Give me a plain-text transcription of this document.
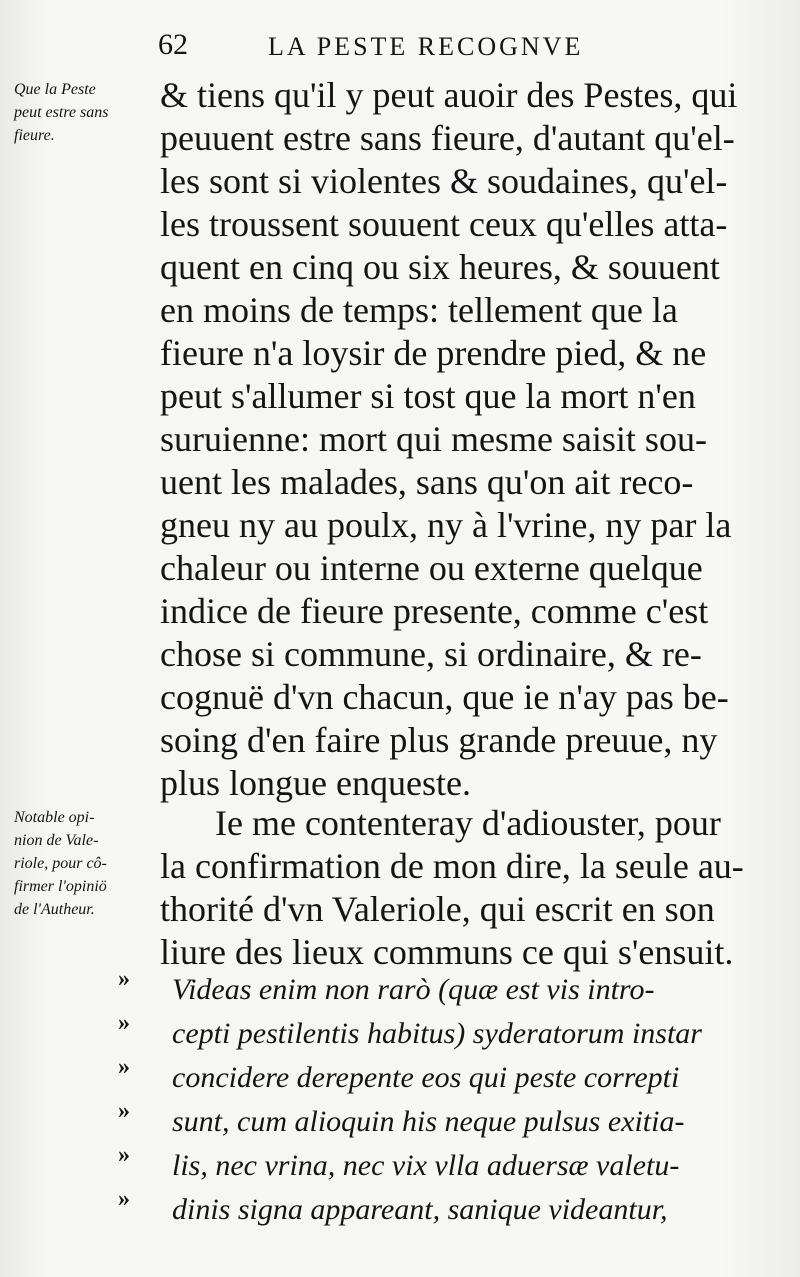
62	LA PESTE RECOGNVE
Que la Peste
peut estre sans
fieure.
Notable opi-
nion de Vale-
riole, pour cô-
firmer l'opiniö
de l'Autheur.
& tiens qu'il y peut auoir des Pestes, qui
peuuent estre sans fieure, d'autant qu'el-
les sont si violentes & soudaines, qu'el-
les troussent souuent ceux qu'elles atta-
quent en cinq ou six heures, & souuent
en moins de temps: tellement que la
fieure n'a loysir de prendre pied, & ne
peut s'allumer si tost que la mort n'en
suruienne: mort qui mesme saisit sou-
uent les malades, sans qu'on ait reco-
gneu ny au poulx, ny à l'vrine, ny par la
chaleur ou interne ou externe quelque
indice de fieure presente, comme c'est
chose si commune, si ordinaire, & re-
cognuë d'vn chacun, que ie n'ay pas be-
soing d'en faire plus grande preuue, ny
plus longue enqueste.
Ie me contenteray d'adiouster, pour
la confirmation de mon dire, la seule au-
thorité d'vn Valeriole, qui escrit en son
liure des lieux communs ce qui s'ensuit.
»
»
»
»
»
»
Videas enim non rarò (quæ est vis intro-
cepti pestilentis habitus) syderatorum instar
concidere derepente eos qui peste correpti
sunt, cum alioquin his neque pulsus exitia-
lis, nec vrina, nec vix vlla aduersæ valetu-
dinis signa appareant, sanique videantur,
